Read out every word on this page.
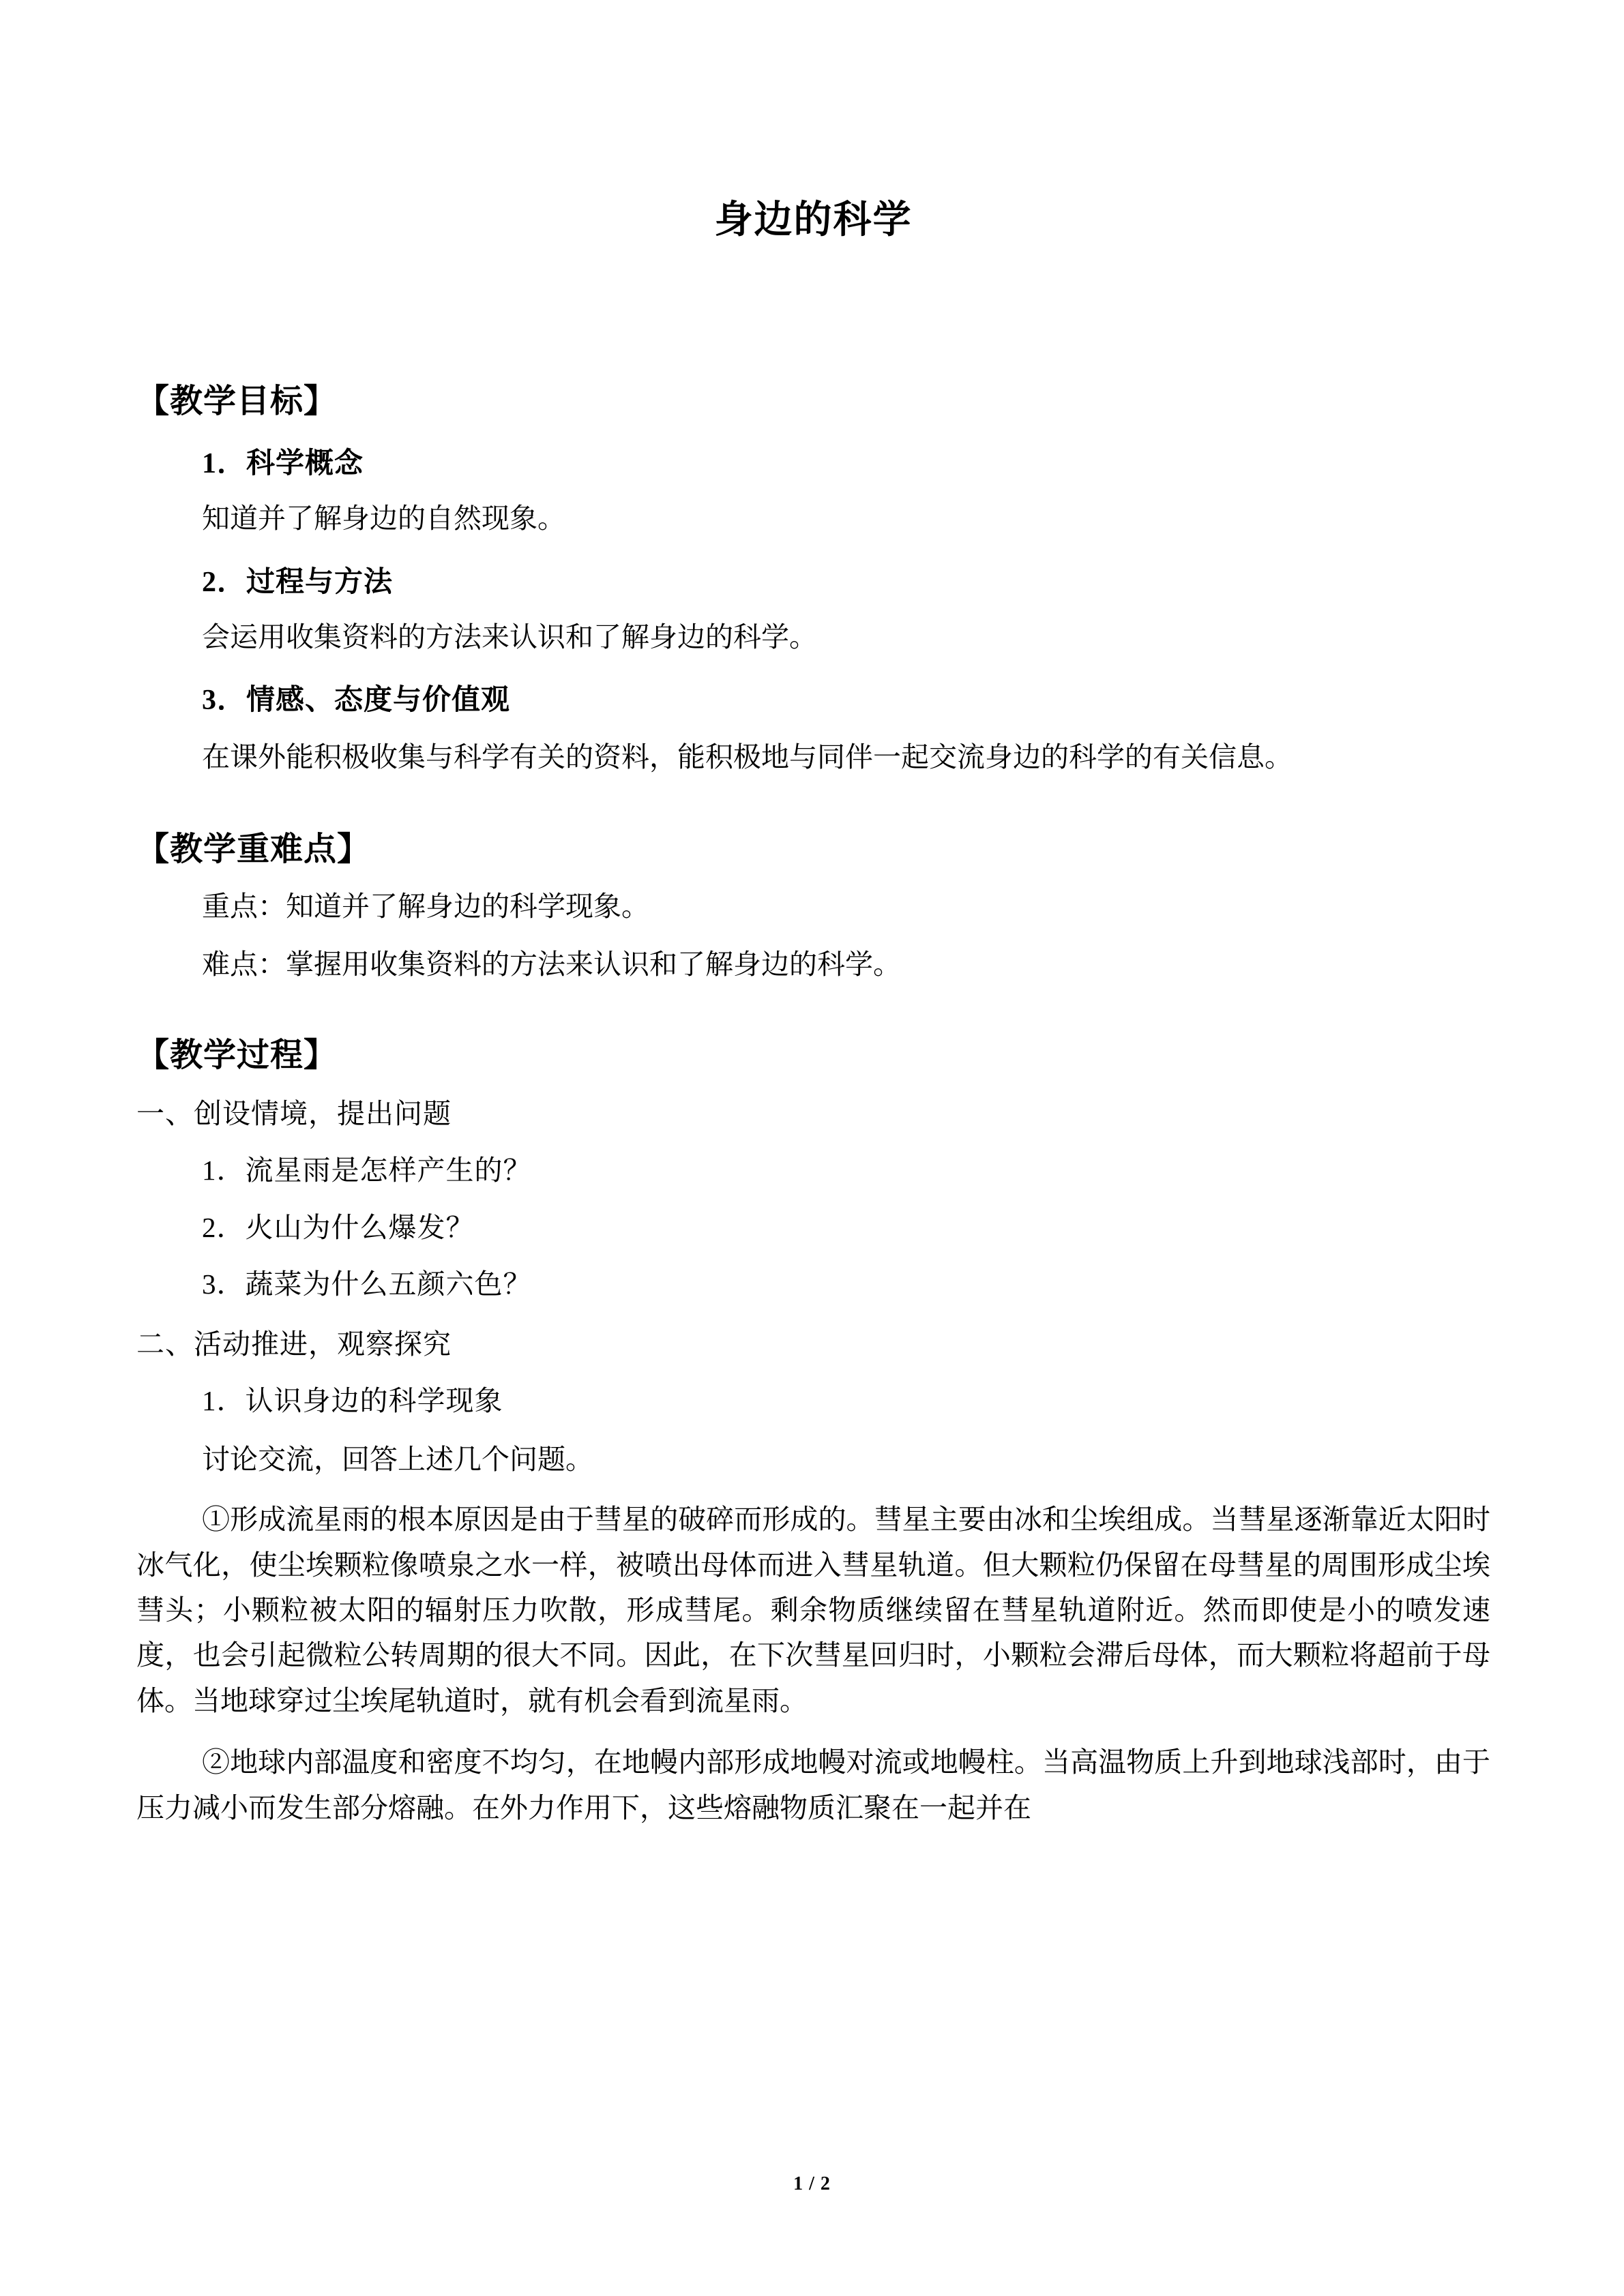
身边的科学
【教学目标】
1．科学概念
知道并了解身边的自然现象。
2．过程与方法
会运用收集资料的方法来认识和了解身边的科学。
3．情感、态度与价值观
在课外能积极收集与科学有关的资料，能积极地与同伴一起交流身边的科学的有关信息。
【教学重难点】
重点：知道并了解身边的科学现象。
难点：掌握用收集资料的方法来认识和了解身边的科学。
【教学过程】
一、创设情境，提出问题
1．流星雨是怎样产生的？
2．火山为什么爆发？
3．蔬菜为什么五颜六色？
二、活动推进，观察探究
1．认识身边的科学现象
讨论交流，回答上述几个问题。
①形成流星雨的根本原因是由于彗星的破碎而形成的。彗星主要由冰和尘埃组成。当彗星逐渐靠近太阳时冰气化，使尘埃颗粒像喷泉之水一样，被喷出母体而进入彗星轨道。但大颗粒仍保留在母彗星的周围形成尘埃彗头；小颗粒被太阳的辐射压力吹散，形成彗尾。剩余物质继续留在彗星轨道附近。然而即使是小的喷发速度，也会引起微粒公转周期的很大不同。因此，在下次彗星回归时，小颗粒会滞后母体，而大颗粒将超前于母体。当地球穿过尘埃尾轨道时，就有机会看到流星雨。
②地球内部温度和密度不均匀，在地幔内部形成地幔对流或地幔柱。当高温物质上升到地球浅部时，由于压力减小而发生部分熔融。在外力作用下，这些熔融物质汇聚在一起并在
1 / 2
